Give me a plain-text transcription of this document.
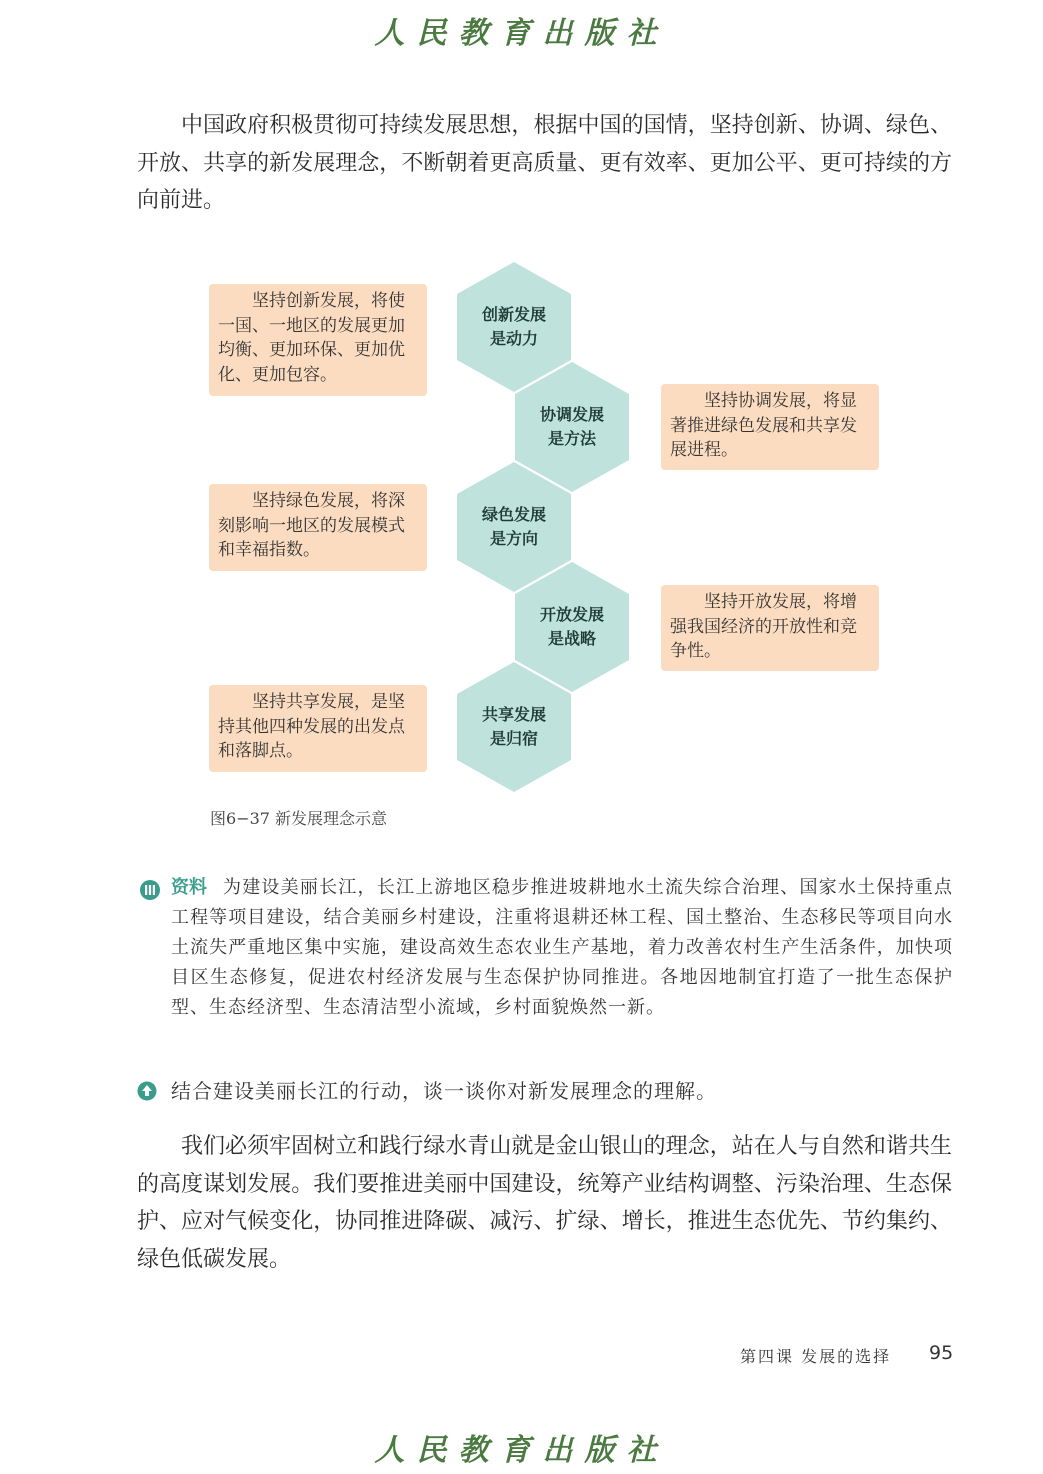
人民教育出版社

中国政府积极贯彻可持续发展思想，根据中国的国情，坚持创新、协调、绿色、开放、共享的新发展理念，不断朝着更高质量、更有效率、更加公平、更可持续的方向前进。

坚持创新发展，将使一国、一地区的发展更加均衡、更加环保、更加优化、更加包容。
坚持协调发展，将显著推进绿色发展和共享发展进程。
坚持绿色发展，将深刻影响一地区的发展模式和幸福指数。
坚持开放发展，将增强我国经济的开放性和竞争性。
坚持共享发展，是坚持其他四种发展的出发点和落脚点。
创新发展
是动力
协调发展
是方法
绿色发展
是方向
开放发展
是战略
共享发展
是归宿
图6−37 新发展理念示意
为建设美丽长江，长江上游地区稳步推进坡耕地水土流失综合治理、国家水土保持重点工程等项目建设，结合美丽乡村建设，注重将退耕还林工程、国土整治、生态移民等项目向水土流失严重地区集中实施，建设高效生态农业生产基地，着力改善农村生产生活条件，加快项目区生态修复，促进农村经济发展与生态保护协同推进。各地因地制宜打造了一批生态保护型、生态经济型、生态清洁型小流域，乡村面貌焕然一新。
资料
结合建设美丽长江的行动，谈一谈你对新发展理念的理解。

我们必须牢固树立和践行绿水青山就是金山银山的理念，站在人与自然和谐共生的高度谋划发展。我们要推进美丽中国建设，统筹产业结构调整、污染治理、生态保护、应对气候变化，协同推进降碳、减污、扩绿、增长，推进生态优先、节约集约、绿色低碳发展。

第四课 发展的选择 95
人民教育出版社
